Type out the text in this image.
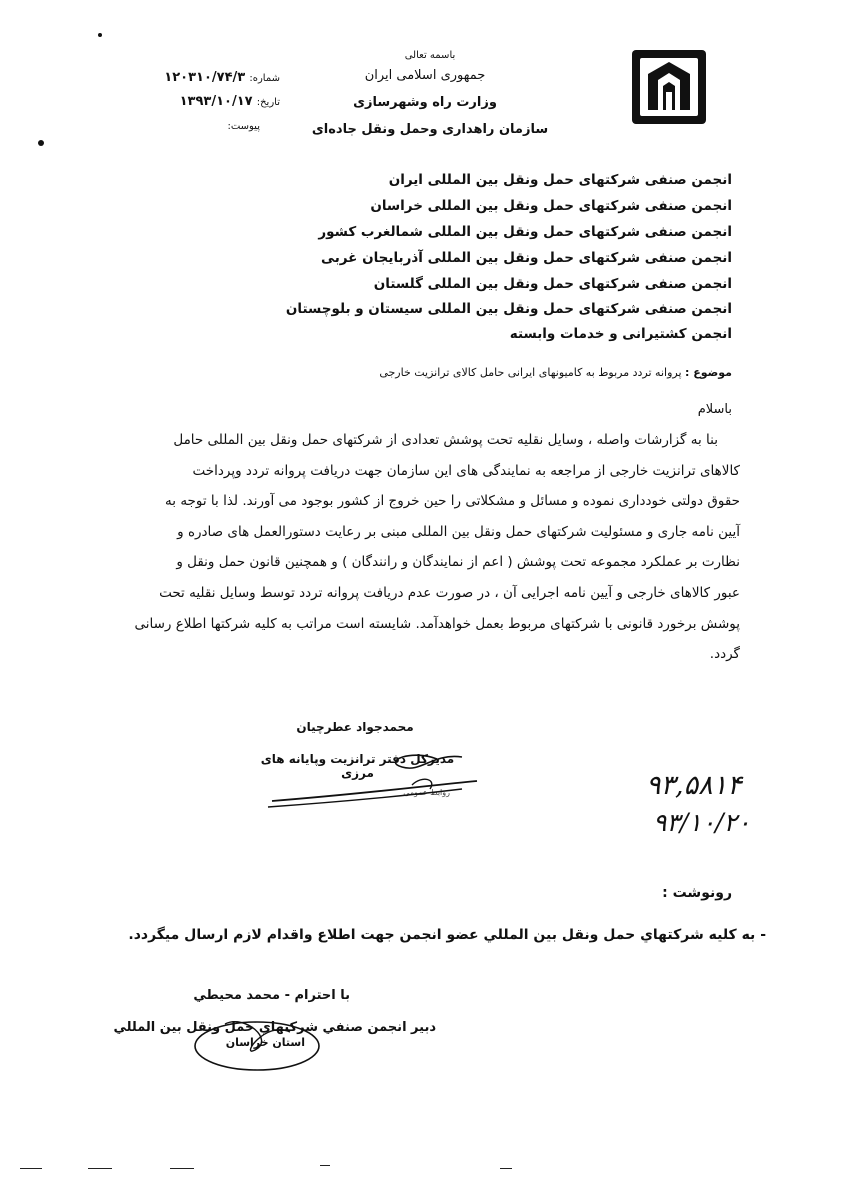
باسمه تعالی
جمهوری اسلامی ایران
وزارت راه وشهرسازی
سازمان راهداری وحمل ونقل جاده‌ای
شماره: ۱۲۰۳۱۰/۷۴/۳
تاریخ: ۱۳۹۳/۱۰/۱۷
پیوست:
انجمن صنفی شرکتهای حمل ونقل بین المللی ایران
انجمن صنفی شرکتهای حمل ونقل بین المللی خراسان
انجمن صنفی شرکتهای حمل ونقل بین المللی شمالغرب کشور
انجمن صنفی شرکتهای حمل ونقل بین المللی آذربایجان غربی
انجمن صنفی شرکتهای حمل ونقل بین المللی گلستان
انجمن صنفی شرکتهای حمل ونقل بین المللی سیستان و بلوچستان
انجمن کشتیرانی و خدمات وابسته
موضوع : پروانه تردد مربوط به کامیونهای ایرانی حامل کالای ترانزیت خارجی
باسلام
بنا به گزارشات واصله ، وسایل نقلیه تحت پوشش تعدادی از شرکتهای حمل ونقل بین المللی حامل
کالاهای ترانزیت خارجی از مراجعه به نمایندگی های این سازمان جهت دریافت پروانه تردد وپرداخت
حقوق دولتی خودداری نموده و مسائل و مشکلاتی را حین خروج از کشور بوجود می آورند. لذا با توجه به
آیین نامه جاری و مسئولیت شرکتهای حمل ونقل بین المللی مبنی بر رعایت دستورالعمل های صادره و
نظارت بر عملکرد مجموعه تحت پوشش ( اعم از نمایندگان و رانندگان ) و همچنین قانون حمل ونقل و
عبور کالاهای خارجی و آیین نامه اجرایی آن ، در صورت عدم دریافت پروانه تردد توسط وسایل نقلیه تحت
پوشش برخورد قانونی با شرکتهای مربوط بعمل خواهدآمد. شایسته است مراتب به کلیه شرکتها اطلاع رسانی
گردد.
محمدجواد عطرچیان
مدیرکل دفتر ترانزیت وپایانه های مرزی
روابط عمومی	۹۳,۵۸۱۴
۹۳/۱۰/۲۰
رونوشت :
- به كليه شركتهاي حمل ونقل بين المللي عضو انجمن جهت اطلاع واقدام لازم ارسال ميگردد.
با احترام - محمد محيطي
دبير انجمن صنفي شركتهاي حمل ونقل بين المللي
استان خراسان
